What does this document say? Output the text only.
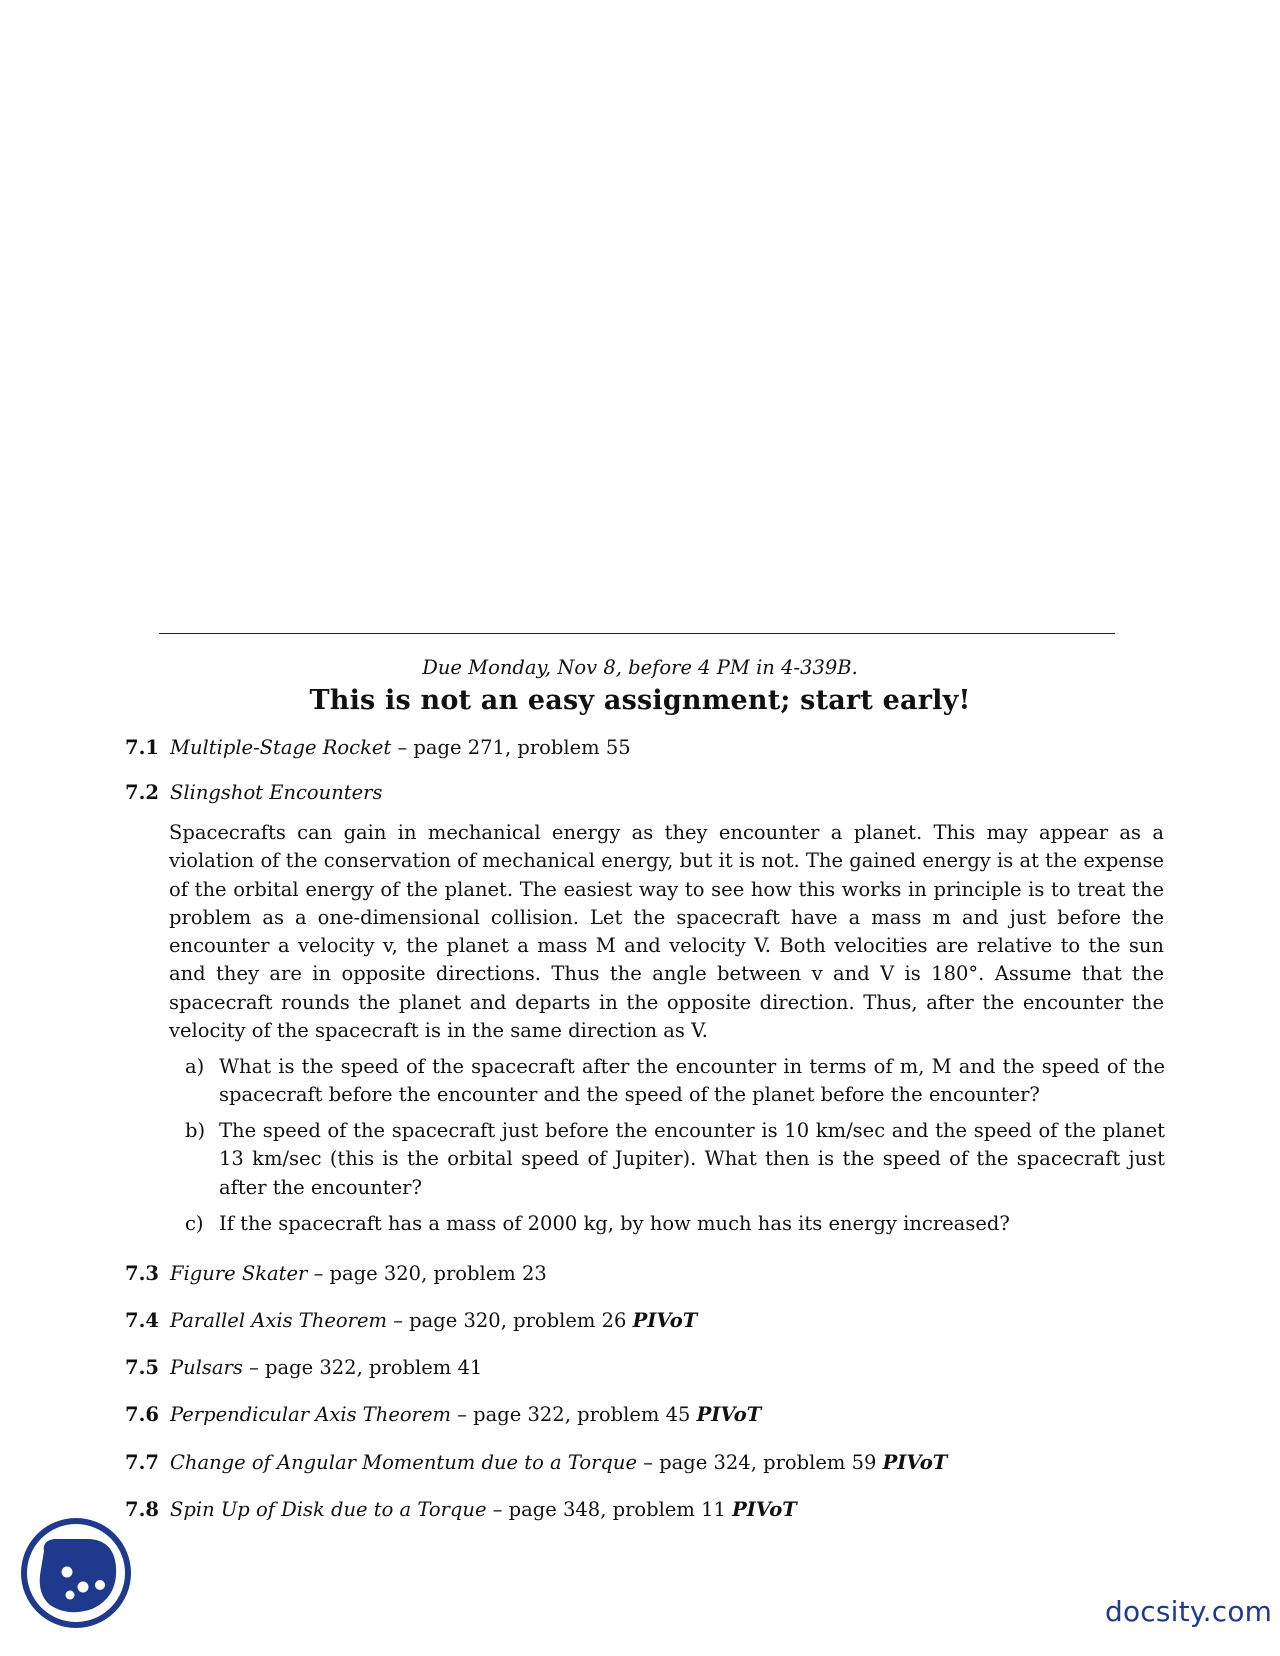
Due Monday, Nov 8, before 4 PM in 4-339B.
This is not an easy assignment; start early!
7.1 Multiple-Stage Rocket – page 271, problem 55
7.2 Slingshot Encounters
Spacecrafts can gain in mechanical energy as they encounter a planet. This may appear as a violation of the conservation of mechanical energy, but it is not. The gained energy is at the expense of the orbital energy of the planet. The easiest way to see how this works in principle is to treat the problem as a one-dimensional collision. Let the spacecraft have a mass m and just before the encounter a velocity v, the planet a mass M and velocity V. Both velocities are relative to the sun and they are in opposite directions. Thus the angle between v and V is 180°. Assume that the spacecraft rounds the planet and departs in the opposite direction. Thus, after the encounter the velocity of the spacecraft is in the same direction as V.
a) What is the speed of the spacecraft after the encounter in terms of m, M and the speed of the spacecraft before the encounter and the speed of the planet before the encounter?
b) The speed of the spacecraft just before the encounter is 10 km/sec and the speed of the planet 13 km/sec (this is the orbital speed of Jupiter). What then is the speed of the spacecraft just after the encounter?
c) If the spacecraft has a mass of 2000 kg, by how much has its energy increased?
7.3 Figure Skater – page 320, problem 23
7.4 Parallel Axis Theorem – page 320, problem 26 PIVoT
7.5 Pulsars – page 322, problem 41
7.6 Perpendicular Axis Theorem – page 322, problem 45 PIVoT
7.7 Change of Angular Momentum due to a Torque – page 324, problem 59 PIVoT
7.8 Spin Up of Disk due to a Torque – page 348, problem 11 PIVoT
docsity.com
